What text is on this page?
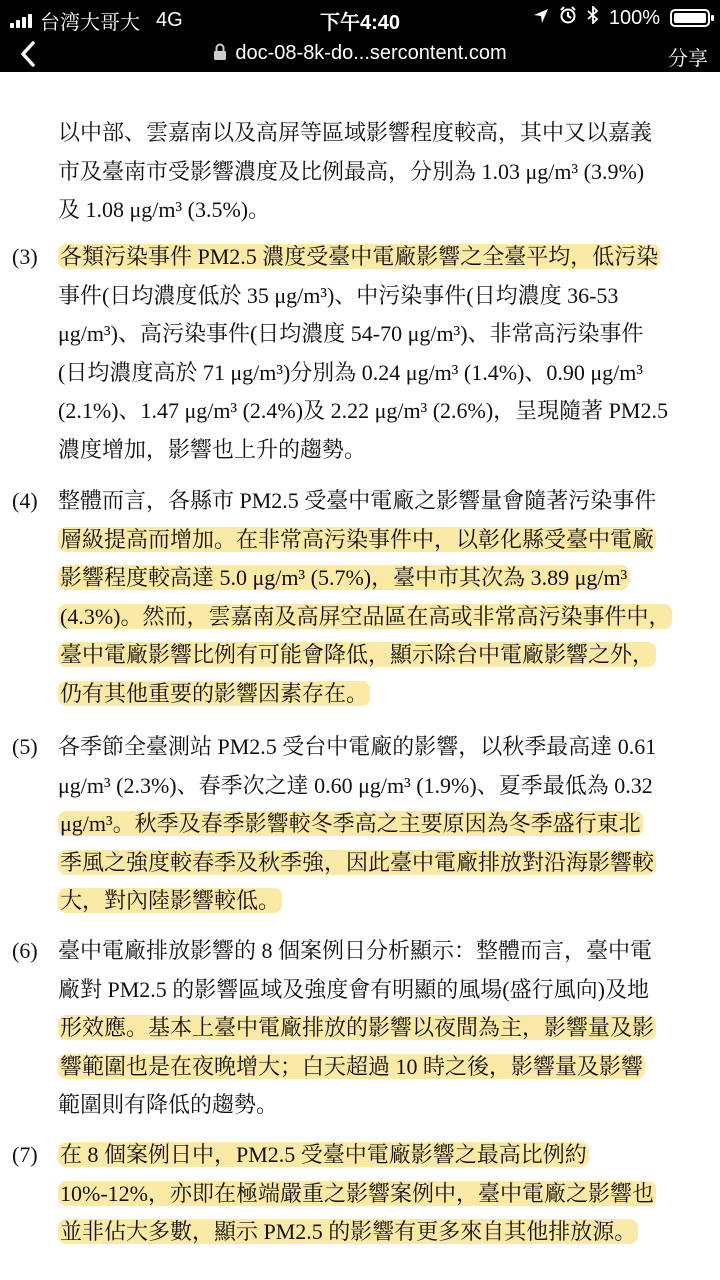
台湾大哥大 4G	下午4:40	100%
doc-08-8k-do...sercontent.com	分享
以中部、雲嘉南以及高屏等區域影響程度較高，其中又以嘉義
市及臺南市受影響濃度及比例最高，分別為 1.03 μg/m³ (3.9%)
及 1.08 μg/m³ (3.5%)。
(3) 各類污染事件 PM2.5 濃度受臺中電廠影響之全臺平均，低污染
事件(日均濃度低於 35 μg/m³)、中污染事件(日均濃度 36-53
μg/m³)、高污染事件(日均濃度 54-70 μg/m³)、非常高污染事件
(日均濃度高於 71 μg/m³)分別為 0.24 μg/m³ (1.4%)、0.90 μg/m³
(2.1%)、1.47 μg/m³ (2.4%)及 2.22 μg/m³ (2.6%)，呈現隨著 PM2.5
濃度增加，影響也上升的趨勢。
(4) 整體而言，各縣市 PM2.5 受臺中電廠之影響量會隨著污染事件
層級提高而增加。在非常高污染事件中，以彰化縣受臺中電廠
影響程度較高達 5.0 μg/m³ (5.7%)，臺中市其次為 3.89 μg/m³
(4.3%)。然而，雲嘉南及高屏空品區在高或非常高污染事件中，
臺中電廠影響比例有可能會降低，顯示除台中電廠影響之外，
仍有其他重要的影響因素存在。
(5) 各季節全臺測站 PM2.5 受台中電廠的影響，以秋季最高達 0.61
μg/m³ (2.3%)、春季次之達 0.60 μg/m³ (1.9%)、夏季最低為 0.32
μg/m³。秋季及春季影響較冬季高之主要原因為冬季盛行東北
季風之強度較春季及秋季強，因此臺中電廠排放對沿海影響較
大，對內陸影響較低。
(6) 臺中電廠排放影響的 8 個案例日分析顯示：整體而言，臺中電
廠對 PM2.5 的影響區域及強度會有明顯的風場(盛行風向)及地
形效應。基本上臺中電廠排放的影響以夜間為主，影響量及影
響範圍也是在夜晚增大；白天超過 10 時之後，影響量及影響
範圍則有降低的趨勢。
(7) 在 8 個案例日中，PM2.5 受臺中電廠影響之最高比例約
10%-12%，亦即在極端嚴重之影響案例中，臺中電廠之影響也
並非佔大多數，顯示 PM2.5 的影響有更多來自其他排放源。
